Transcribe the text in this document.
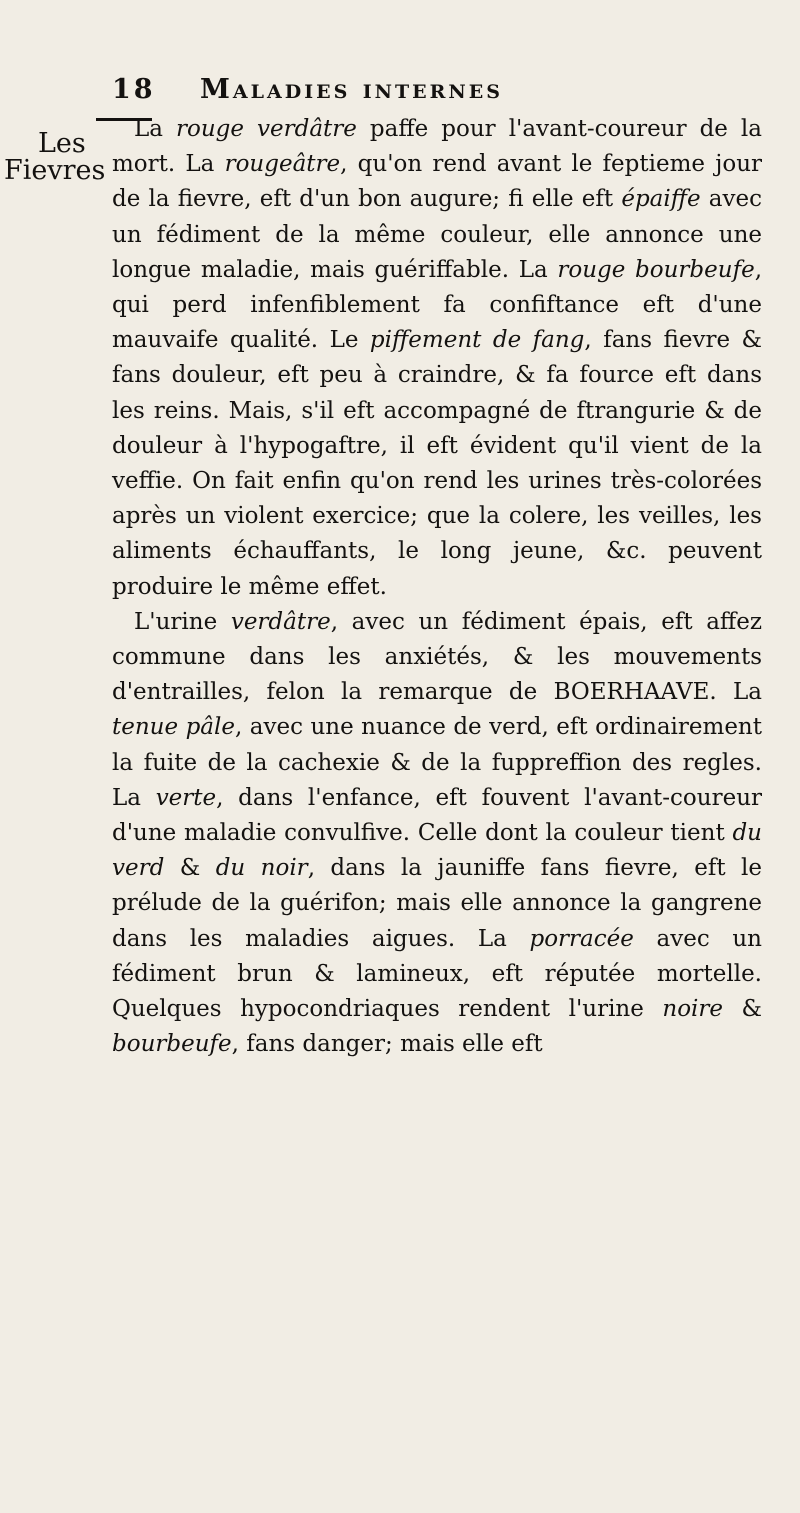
18 Maladies internes
Les
Fievres

La rouge verdâtre paffe pour l'avant-coureur de la mort. La rougeâtre, qu'on rend avant le feptieme jour de la fievre, eft d'un bon augure; fi elle eft épaiffe avec un fédiment de la même couleur, elle annonce une longue maladie, mais guériffable. La rouge bourbeufe, qui perd infenfiblement fa confiftance eft d'une mauvaife qualité. Le piffement de fang, fans fievre & fans douleur, eft peu à craindre, & fa fource eft dans les reins. Mais, s'il eft accompagné de ftrangurie & de douleur à l'hypogaftre, il eft évident qu'il vient de la veffie. On fait enfin qu'on rend les urines très-colorées après un violent exercice; que la colere, les veilles, les aliments échauffants, le long jeune, &c. peuvent produire le même effet.

L'urine verdâtre, avec un fédiment épais, eft affez commune dans les anxiétés, & les mouvements d'entrailles, felon la remarque de BOERHAAVE. La tenue pâle, avec une nuance de verd, eft ordinairement la fuite de la cachexie & de la fuppreffion des regles. La verte, dans l'enfance, eft fouvent l'avant-coureur d'une maladie convulfive. Celle dont la couleur tient du verd & du noir, dans la jauniffe fans fievre, eft le prélude de la guérifon; mais elle annonce la gangrene dans les maladies aigues. La porracée avec un fédiment brun & lamineux, eft réputée mortelle. Quelques hypocondriaques rendent l'urine noire & bourbeufe, fans danger; mais elle eft
